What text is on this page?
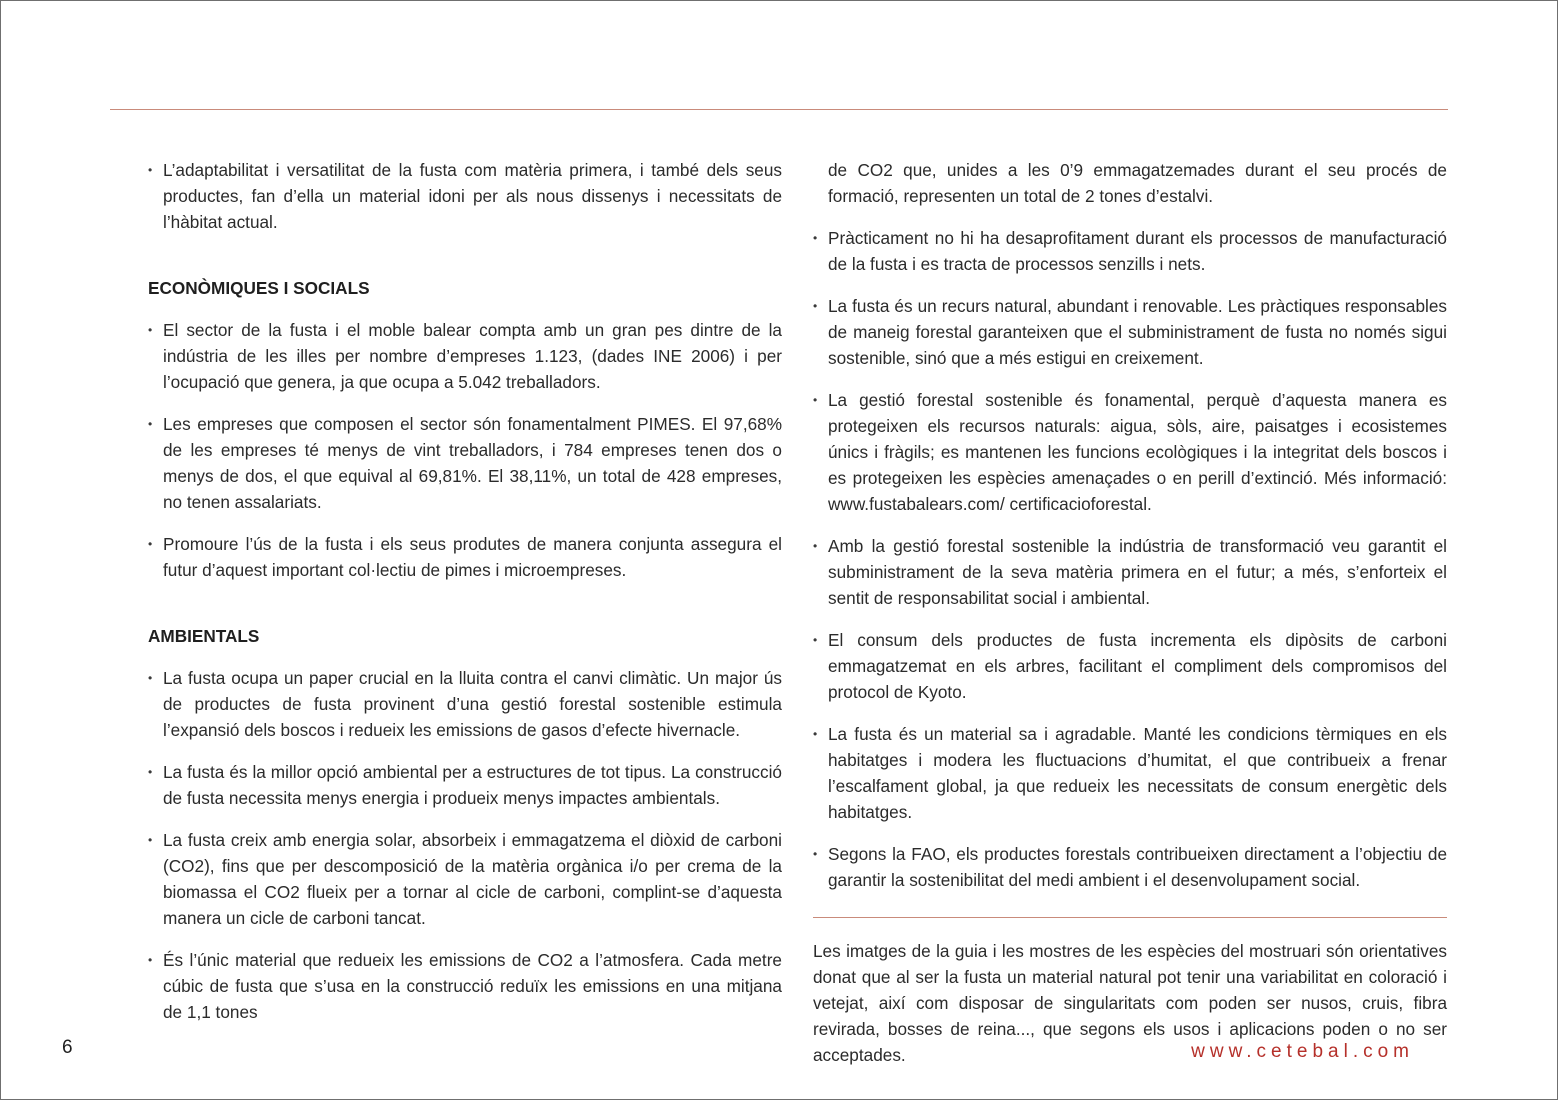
• L’adaptabilitat i versatilitat de la fusta com matèria primera, i també dels seus productes, fan d’ella un material idoni per als nous dissenys i necessitats de l’hàbitat actual.
ECONÒMIQUES I SOCIALS
• El sector de la fusta i el moble balear compta amb un gran pes dintre de la indústria de les illes per nombre d’empreses 1.123, (dades INE 2006) i per l’ocupació que genera, ja que ocupa a 5.042 treballadors.
• Les empreses que composen el sector són fonamentalment PIMES. El 97,68% de les empreses té menys de vint treballadors, i 784 empreses tenen dos o menys de dos, el que equival al 69,81%. El 38,11%, un total de 428 empreses, no tenen assalariats.
• Promoure l’ús de la fusta i els seus produtes de manera conjunta assegura el futur d’aquest important col·lectiu de pimes i microempreses.
AMBIENTALS
• La fusta ocupa un paper crucial en la lluita contra el canvi climàtic. Un major ús de productes de fusta provinent d’una gestió forestal sostenible estimula l’expansió dels boscos i redueix les emissions de gasos d’efecte hivernacle.
• La fusta és la millor opció ambiental per a estructures de tot tipus. La construcció de fusta necessita menys energia i produeix menys impactes ambientals.
• La fusta creix amb energia solar, absorbeix i emmagatzema el diòxid de carboni (CO2), fins que per descomposició de la matèria orgànica i/o per crema de la biomassa el CO2 flueix per a tornar al cicle de carboni, complint-se d’aquesta manera un cicle de carboni tancat.
• És l’únic material que redueix les emissions de CO2 a l’atmosfera. Cada metre cúbic de fusta que s’usa en la construcció reduïx les emissions en una mitjana de 1,1 tones

de CO2 que, unides a les 0’9 emmagatzemades durant el seu procés de formació, representen un total de 2 tones d’estalvi.

• Pràcticament no hi ha desaprofitament durant els processos de manufacturació de la fusta i es tracta de processos senzills i nets.
• La fusta és un recurs natural, abundant i renovable. Les pràctiques responsables de maneig forestal garanteixen que el subministrament de fusta no només sigui sostenible, sinó que a més estigui en creixement.
• La gestió forestal sostenible és fonamental, perquè d’aquesta manera es protegeixen els recursos naturals: aigua, sòls, aire, paisatges i ecosistemes únics i fràgils; es mantenen les funcions ecològiques i la integritat dels boscos i es protegeixen les espècies amenaçades o en perill d’extinció. Més informació: www.fustabalears.com/ certificacioforestal.
• Amb la gestió forestal sostenible la indústria de transformació veu garantit el subministrament de la seva matèria primera en el futur; a més, s’enforteix el sentit de responsabilitat social i ambiental.
• El consum dels productes de fusta incrementa els dipòsits de carboni emmagatzemat en els arbres, facilitant el compliment dels compromisos del protocol de Kyoto.
• La fusta és un material sa i agradable. Manté les condicions tèrmiques en els habitatges i modera les fluctuacions d’humitat, el que contribueix a frenar l’escalfament global, ja que redueix les necessitats de consum energètic dels habitatges.
• Segons la FAO, els productes forestals contribueixen directament a l’objectiu de garantir la sostenibilitat del medi ambient i el desenvolupament social.

Les imatges de la guia i les mostres de les espècies del mostruari són orientatives donat que al ser la fusta un material natural pot tenir una variabilitat en coloració i vetejat, així com disposar de singularitats com poden ser nusos, cruis, fibra revirada, bosses de reina..., que segons els usos i aplicacions poden o no ser acceptades.

6	www.cetebal.com
